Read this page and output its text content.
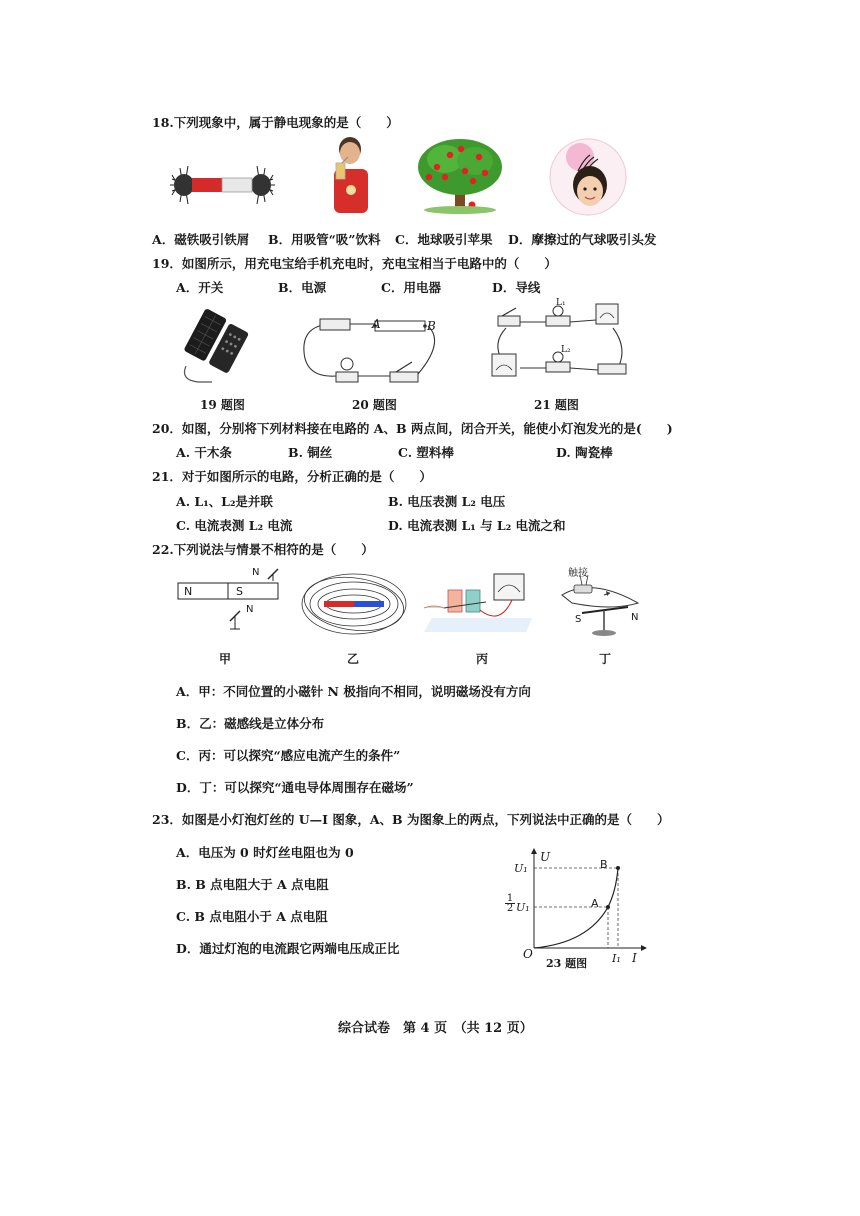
18.下列现象中，属于静电现象的是（　　）
A．磁铁吸引铁屑 B．用吸管“吸”饮料 C．地球吸引苹果 D．摩擦过的气球吸引头发
19．如图所示，用充电宝给手机充电时，充电宝相当于电路中的（　　）
A．开关	B．电源	C．用电器	D．导线
A	B
L₁
L₂
19 题图	20 题图	21 题图
20．如图，分别将下列材料接在电路的 A、B 两点间，闭合开关，能使小灯泡发光的是(　　)
A. 干木条	B. 铜丝	C. 塑料棒	D. 陶瓷棒
21．对于如图所示的电路，分析正确的是（　　）
A. L₁、L₂是并联	B. 电压表测 L₂ 电压
C. 电流表测 L₂ 电流	D. 电流表测 L₁ 与 L₂ 电流之和
22.下列说法与情景不相符的是（　　）
N	S
N
N
触接
S	N
甲	乙	丙	丁
A．甲：不同位置的小磁针 N 极指向不相同，说明磁场没有方向
B．乙：磁感线是立体分布
C．丙：可以探究“感应电流产生的条件”
D．丁：可以探究“通电导体周围存在磁场”
23．如图是小灯泡灯丝的 U—I 图象，A、B 为图象上的两点，下列说法中正确的是（　　）
A．电压为 0 时灯丝电阻也为 0
B. B 点电阻大于 A 点电阻
C. B 点电阻小于 A 点电阻
D．通过灯泡的电流跟它两端电压成正比
U
U₁
$\frac{1}{2} U_1$
B
A
O	I₁ I
23 题图
综合试卷　第 4 页　（共 12 页）
